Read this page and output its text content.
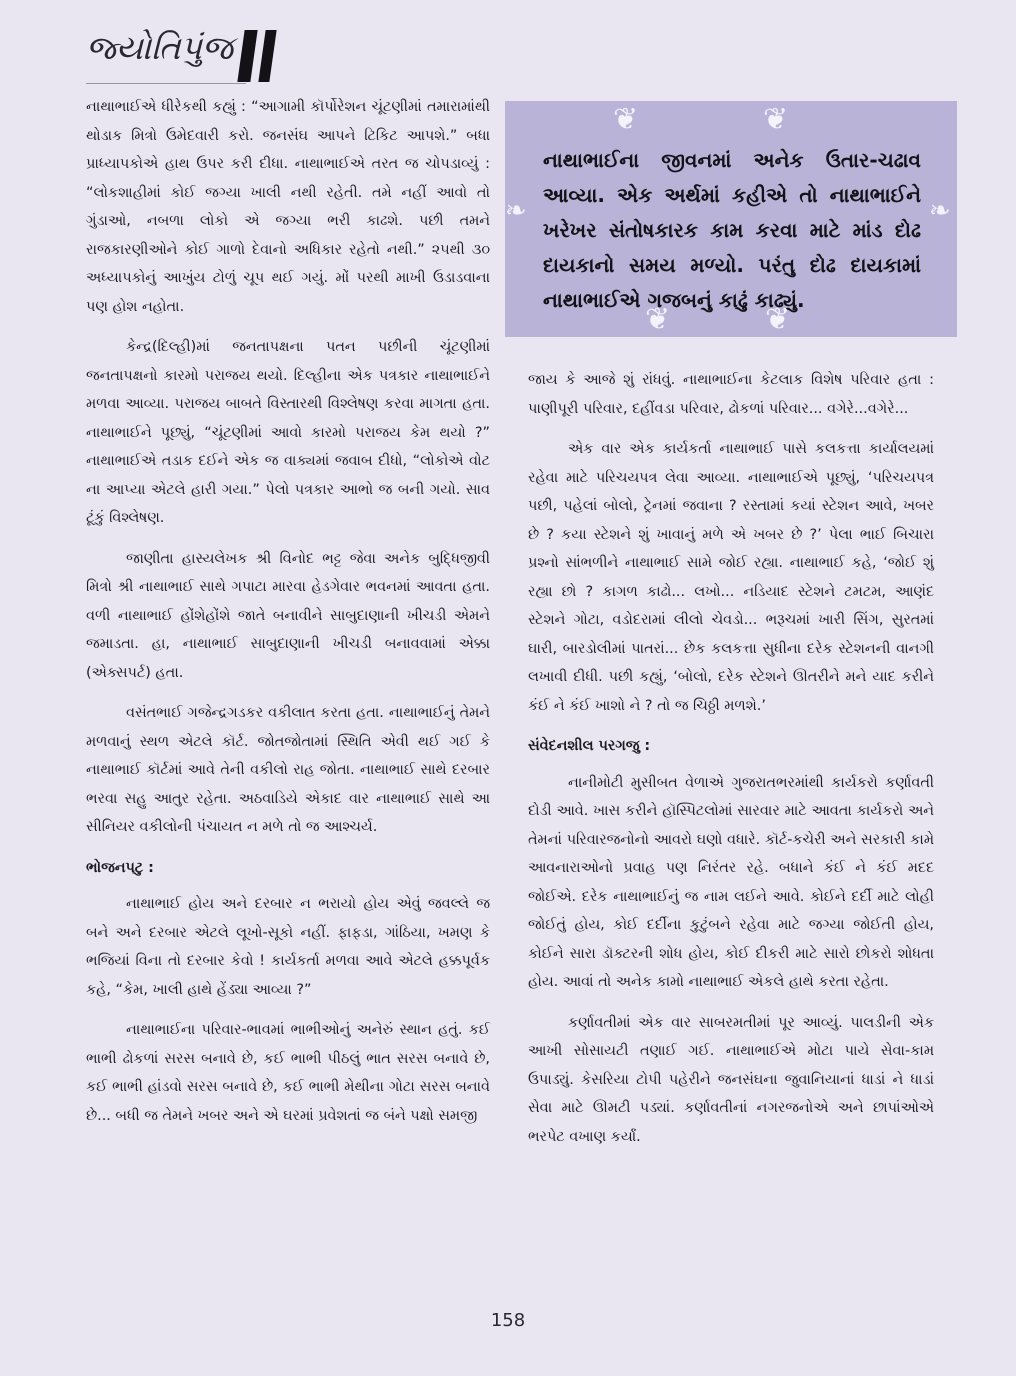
જ્યોતિપુંજ

નાથાભાઈએ ધીરેકથી કહ્યું : “આગામી કૉર્પોરેશન ચૂંટણીમાં તમારામાંથી થોડાક મિત્રો ઉમેદવારી કરો. જનસંઘ આપને ટિકિટ આપશે.” બધા પ્રાધ્યાપકોએ હાથ ઉપર કરી દીધા. નાથાભાઈએ તરત જ ચોપડાવ્યું : “લોકશાહીમાં કોઈ જગ્યા ખાલી નથી રહેતી. તમે નહીં આવો તો ગુંડાઓ, નબળા લોકો એ જગ્યા ભરી કાઢશે. પછી તમને રાજકારણીઓને કોઈ ગાળો દેવાનો અધિકાર રહેતો નથી.” ૨૫થી ૩૦ અધ્યાપકોનું આખુંય ટોળું ચૂપ થઈ ગયું. મોં પરથી માખી ઉડાડવાના પણ હોશ નહોતા.

કેન્દ્ર(દિલ્હી)માં જનતાપક્ષના પતન પછીની ચૂંટણીમાં જનતાપક્ષનો કારમો પરાજય થયો. દિલ્હીના એક પત્રકાર નાથાભાઈને મળવા આવ્યા. પરાજય બાબતે વિસ્તારથી વિશ્લેષણ કરવા માગતા હતા. નાથાભાઈને પૂછ્યું, “ચૂંટણીમાં આવો કારમો પરાજય કેમ થયો ?” નાથાભાઈએ તડાક દઈને એક જ વાક્યમાં જવાબ દીધો, “લોકોએ વોટ ના આપ્યા એટલે હારી ગયા.” પેલો પત્રકાર આભો જ બની ગયો. સાવ ટૂંકું વિશ્લેષણ.

જાણીતા હાસ્યલેખક શ્રી વિનોદ ભટ્ટ જેવા અનેક બુદ્ધિજીવી મિત્રો શ્રી નાથાભાઈ સાથે ગપાટા મારવા હેડગેવાર ભવનમાં આવતા હતા. વળી નાથાભાઈ હોંશેહોંશે જાતે બનાવીને સાબુદાણાની ખીચડી એમને જમાડતા. હા, નાથાભાઈ સાબુદાણાની ખીચડી બનાવવામાં એક્કા (એક્સપર્ટ) હતા.

વસંતભાઈ ગજેન્દ્રગડકર વકીલાત કરતા હતા. નાથાભાઈનું તેમને મળવાનું સ્થળ એટલે કૉર્ટ. જોતજોતામાં સ્થિતિ એવી થઈ ગઈ કે નાથાભાઈ કૉર્ટમાં આવે તેની વકીલો રાહ જોતા. નાથાભાઈ સાથે દરબાર ભરવા સહુ આતુર રહેતા. અઠવાડિયે એકાદ વાર નાથાભાઈ સાથે આ સીનિયર વકીલોની પંચાયત ન મળે તો જ આશ્ચર્ય.

ભોજનપટુ :

નાથાભાઈ હોય અને દરબાર ન ભરાયો હોય એવું જવલ્લે જ બને અને દરબાર એટલે લૂખો-સૂકો નહીં. ફાફડા, ગાંઠિયા, ખમણ કે ભજિયાં વિના તો દરબાર કેવો ! કાર્યકર્તા મળવા આવે એટલે હક્કપૂર્વક કહે, “કેમ, ખાલી હાથે હેંડ્યા આવ્યા ?”

નાથાભાઈના પરિવાર-ભાવમાં ભાભીઓનું અનેરું સ્થાન હતું. કઈ ભાભી ઢોકળાં સરસ બનાવે છે, કઈ ભાભી પીઠલું ભાત સરસ બનાવે છે, કઈ ભાભી હાંડવો સરસ બનાવે છે, કઈ ભાભી મેથીના ગોટા સરસ બનાવે છે... બધી જ તેમને ખબર અને એ ઘરમાં પ્રવેશતાં જ બંને પક્ષો સમજી

❦	❦
❧	❧
નાથાભાઈના જીવનમાં અનેક ઉતાર-ચઢાવ આવ્યા. એક અર્થમાં કહીએ તો નાથાભાઈને ખરેખર સંતોષકારક કામ કરવા માટે માંડ દોઢ દાયકાનો સમય મળ્યો. પરંતુ દોઢ દાયકામાં નાથાભાઈએ ગજબનું કાઢું કાઢ્યું.
❦	❦

જાય કે આજે શું રાંધવું. નાથાભાઈના કેટલાક વિશેષ પરિવાર હતા : પાણીપૂરી પરિવાર, દહીંવડા પરિવાર, ઢોકળાં પરિવાર... વગેરે...વગેરે...

એક વાર એક કાર્યકર્તા નાથાભાઈ પાસે કલકત્તા કાર્યાલયમાં રહેવા માટે પરિચયપત્ર લેવા આવ્યા. નાથાભાઈએ પૂછ્યું, ‘પરિચયપત્ર પછી, પહેલાં બોલો, ટ્રેનમાં જવાના ? રસ્તામાં કયાં સ્ટેશન આવે, ખબર છે ? કયા સ્ટેશને શું ખાવાનું મળે એ ખબર છે ?’ પેલા ભાઈ બિચારા પ્રશ્નો સાંભળીને નાથાભાઈ સામે જોઈ રહ્યા. નાથાભાઈ કહે, ‘જોઈ શું રહ્યા છો ? કાગળ કાઢો... લખો... નડિયાદ સ્ટેશને ટમટમ, આણંદ સ્ટેશને ગોટા, વડોદરામાં લીલો ચેવડો... ભરૂચમાં ખારી સિંગ, સુરતમાં ઘારી, બારડોલીમાં પાતરાં... છેક કલકત્તા સુધીના દરેક સ્ટેશનની વાનગી લખાવી દીધી. પછી કહ્યું, ‘બોલો, દરેક સ્ટેશને ઊતરીને મને યાદ કરીને કંઈ ને કંઈ ખાશો ને ? તો જ ચિઠ્ઠી મળશે.’

સંવેદનશીલ પરગજુ :

નાનીમોટી મુસીબત વેળાએ ગુજરાતભરમાંથી કાર્યકરો કર્ણાવતી દોડી આવે. ખાસ કરીને હૉસ્પિટલોમાં સારવાર માટે આવતા કાર્યકરો અને તેમનાં પરિવારજનોનો આવરો ઘણો વધારે. કૉર્ટ-કચેરી અને સરકારી કામે આવનારાઓનો પ્રવાહ પણ નિરંતર રહે. બધાને કંઈ ને કંઈ મદદ જોઈએ. દરેક નાથાભાઈનું જ નામ લઈને આવે. કોઈને દર્દી માટે લોહી જોઈતું હોય, કોઈ દર્દીના કુટુંબને રહેવા માટે જગ્યા જોઈતી હોય, કોઈને સારા ડૉક્ટરની શોધ હોય, કોઈ દીકરી માટે સારો છોકરો શોધતા હોય. આવાં તો અનેક કામો નાથાભાઈ એકલે હાથે કરતા રહેતા.

કર્ણાવતીમાં એક વાર સાબરમતીમાં પૂર આવ્યું. પાલડીની એક આખી સોસાયટી તણાઈ ગઈ. નાથાભાઈએ મોટા પાયે સેવા-કામ ઉપાડ્યું. કેસરિયા ટોપી પહેરીને જનસંઘના જુવાનિયાનાં ધાડાં ને ધાડાં સેવા માટે ઊમટી પડ્યાં. કર્ણાવતીનાં નગરજનોએ અને છાપાંઓએ ભરપેટ વખાણ કર્યાં.

158
